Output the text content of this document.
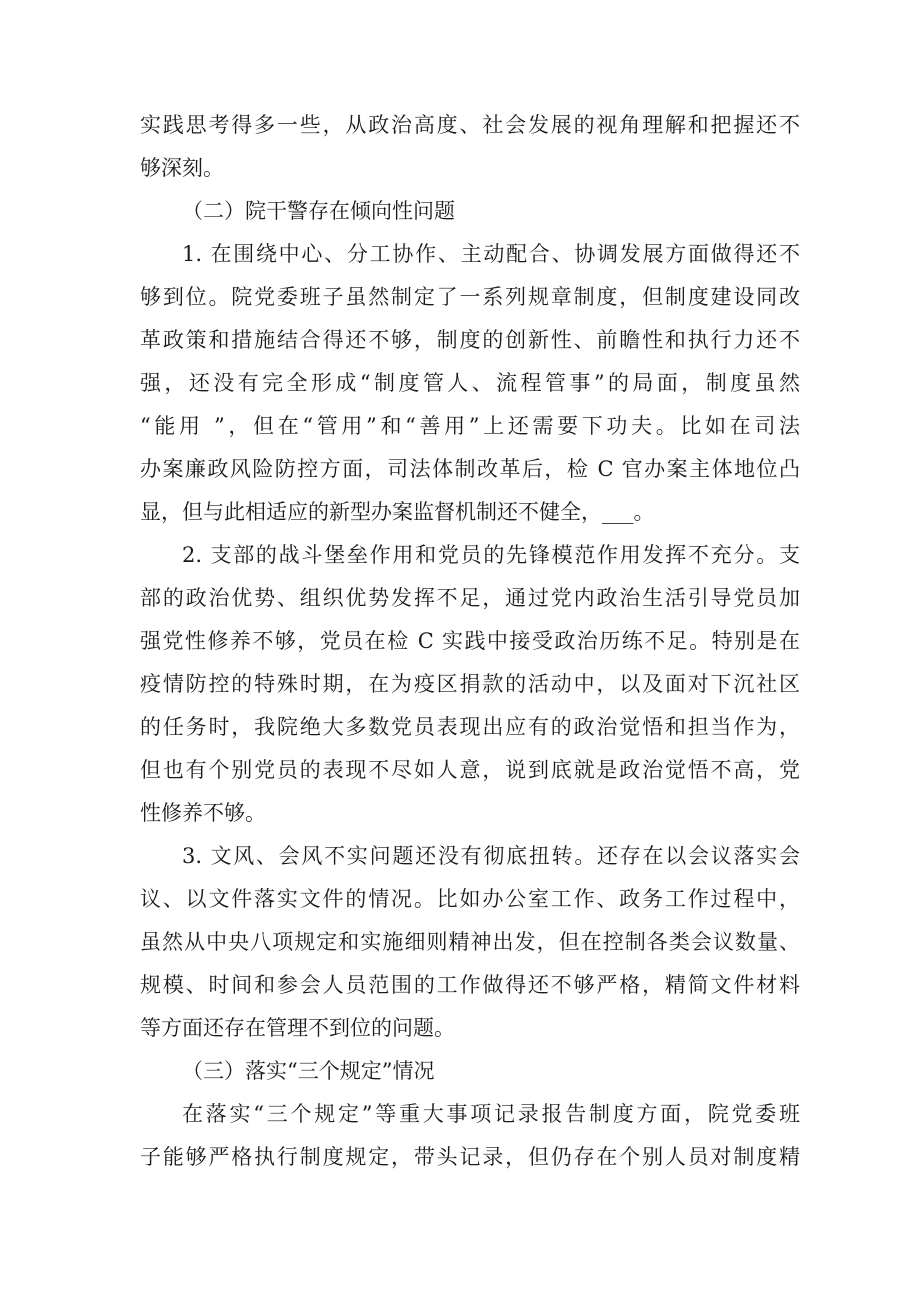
实践思考得多一些，从政治高度、社会发展的视角理解和把握还不
够深刻。
（二）院干警存在倾向性问题
1. 在围绕中心、分工协作、主动配合、协调发展方面做得还不
够到位。院党委班子虽然制定了一系列规章制度，但制度建设同改
革政策和措施结合得还不够，制度的创新性、前瞻性和执行力还不
强，还没有完全形成“制度管人、流程管事”的局面，制度虽然
“能用 ”，但在“管用”和“善用”上还需要下功夫。比如在司法
办案廉政风险防控方面，司法体制改革后，检 C 官办案主体地位凸
显，但与此相适应的新型办案监督机制还不健全，___。
2. 支部的战斗堡垒作用和党员的先锋模范作用发挥不充分。支
部的政治优势、组织优势发挥不足，通过党内政治生活引导党员加
强党性修养不够，党员在检 C 实践中接受政治历练不足。特别是在
疫情防控的特殊时期，在为疫区捐款的活动中，以及面对下沉社区
的任务时，我院绝大多数党员表现出应有的政治觉悟和担当作为，
但也有个别党员的表现不尽如人意，说到底就是政治觉悟不高，党
性修养不够。
3. 文风、会风不实问题还没有彻底扭转。还存在以会议落实会
议、以文件落实文件的情况。比如办公室工作、政务工作过程中，
虽然从中央八项规定和实施细则精神出发，但在控制各类会议数量、
规模、时间和参会人员范围的工作做得还不够严格，精简文件材料
等方面还存在管理不到位的问题。
（三）落实“三个规定”情况
在落实“三个规定”等重大事项记录报告制度方面，院党委班
子能够严格执行制度规定，带头记录，但仍存在个别人员对制度精
